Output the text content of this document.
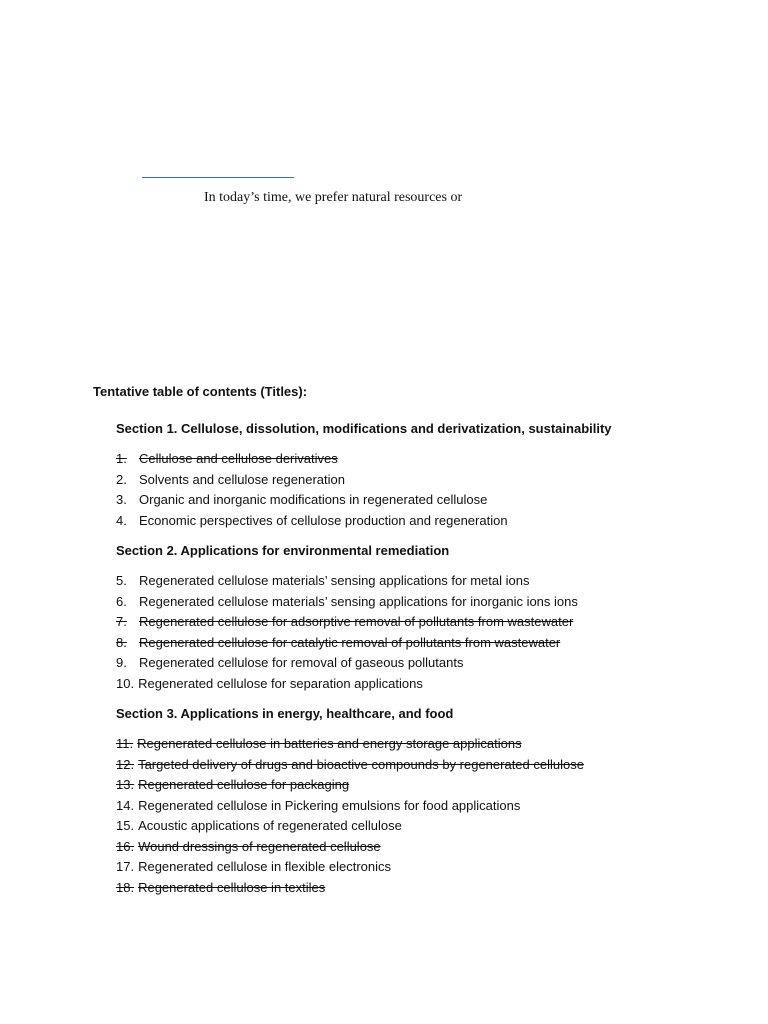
In today’s time, we prefer natural resources or
Tentative table of contents (Titles):

Section 1. Cellulose, dissolution, modifications and derivatization, sustainability

1. Cellulose and cellulose derivatives
2. Solvents and cellulose regeneration
3. Organic and inorganic modifications in regenerated cellulose
4. Economic perspectives of cellulose production and regeneration

Section 2. Applications for environmental remediation

5. Regenerated cellulose materials’ sensing applications for metal ions
6. Regenerated cellulose materials’ sensing applications for inorganic ions ions
7. Regenerated cellulose for adsorptive removal of pollutants from wastewater
8. Regenerated cellulose for catalytic removal of pollutants from wastewater
9. Regenerated cellulose for removal of gaseous pollutants
10. Regenerated cellulose for separation applications

Section 3. Applications in energy, healthcare, and food

11. Regenerated cellulose in batteries and energy storage applications
12. Targeted delivery of drugs and bioactive compounds by regenerated cellulose
13. Regenerated cellulose for packaging
14. Regenerated cellulose in Pickering emulsions for food applications
15. Acoustic applications of regenerated cellulose
16. Wound dressings of regenerated cellulose
17. Regenerated cellulose in flexible electronics
18. Regenerated cellulose in textiles
